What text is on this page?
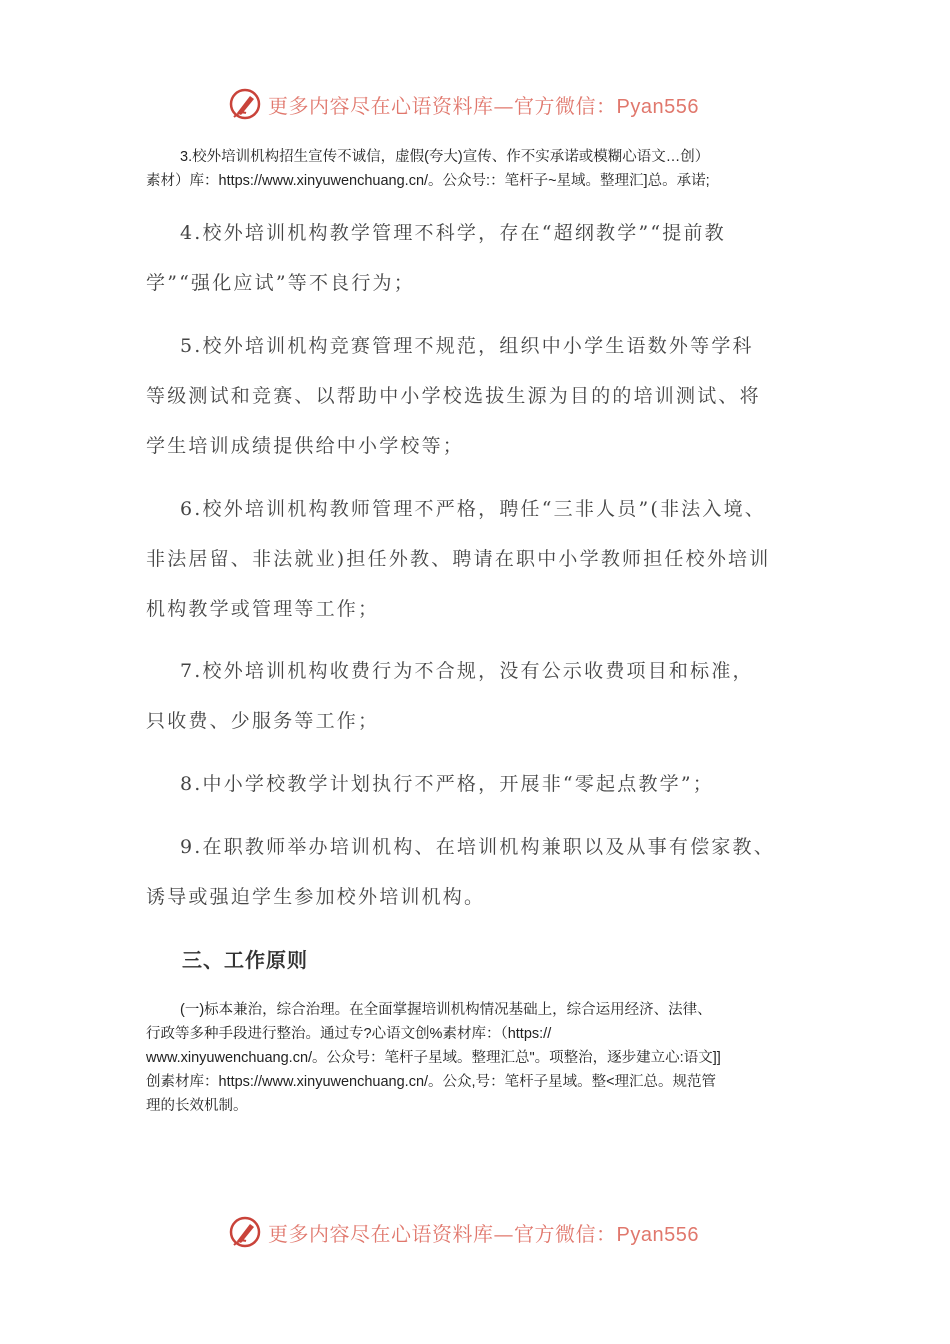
更多内容尽在心语资料库—官方微信：Pyan556
3.校外培训机构招生宣传不诚信，虚假(夸大)宣传、作不实承诺或模糊心语文…创）
素材）库：https://www.xinyuwenchuang.cn/。公众号:：笔杆子~星域。整理汇]总。承诺;
4.校外培训机构教学管理不科学，存在“超纲教学”“提前教
学”“强化应试”等不良行为；
5.校外培训机构竞赛管理不规范，组织中小学生语数外等学科
等级测试和竞赛、以帮助中小学校选拔生源为目的的培训测试、将
学生培训成绩提供给中小学校等；
6.校外培训机构教师管理不严格，聘任“三非人员”(非法入境、
非法居留、非法就业)担任外教、聘请在职中小学教师担任校外培训
机构教学或管理等工作；
7.校外培训机构收费行为不合规，没有公示收费项目和标准，
只收费、少服务等工作；
8.中小学校教学计划执行不严格，开展非“零起点教学”；
9.在职教师举办培训机构、在培训机构兼职以及从事有偿家教、
诱导或强迫学生参加校外培训机构。
三、工作原则
(一)标本兼治，综合治理。在全面掌握培训机构情况基础上，综合运用经济、法律、
行政等多种手段进行整治。通过专?心语文创%素材库：（https://
www.xinyuwenchuang.cn/。公众号：笔杆子星域。整理汇总"。项整治，逐步建立心:语文]]
创素材库：https://www.xinyuwenchuang.cn/。公众,号：笔杆子星域。整<理汇总。规范管
理的长效机制。
更多内容尽在心语资料库—官方微信：Pyan556
